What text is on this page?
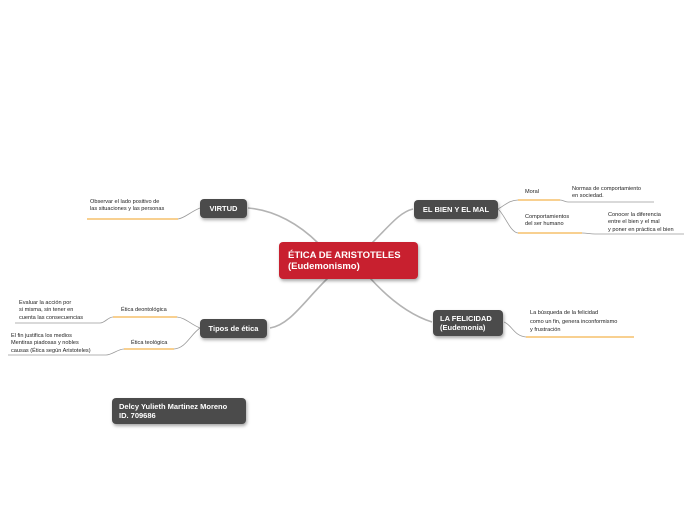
ÉTICA DE ARISTOTELES
(Eudemonismo)
VIRTUD
Observar el lado positivo de
las situaciones y las personas	EL BIEN Y EL MAL
Moral	Normas de comportamiento
en sociedad.
Comportamientos
del ser humano
Conocer la diferencia
entre el bien y el mal
y poner en práctica el bien
LA FELICIDAD
(Eudemonia)
La búsqueda de la felicidad
como un fin, genera inconformismo
y frustración
Tipos de ética
Ética deontológica
Evaluar la acción por
si misma, sin tener en
cuenta las consecuencias
Ética teológica
El fin justifica los medios
Mentiras piadosas y nobles
causas (Ética según Aristoteles)
Delcy Yulieth Martinez Moreno
ID. 709686
